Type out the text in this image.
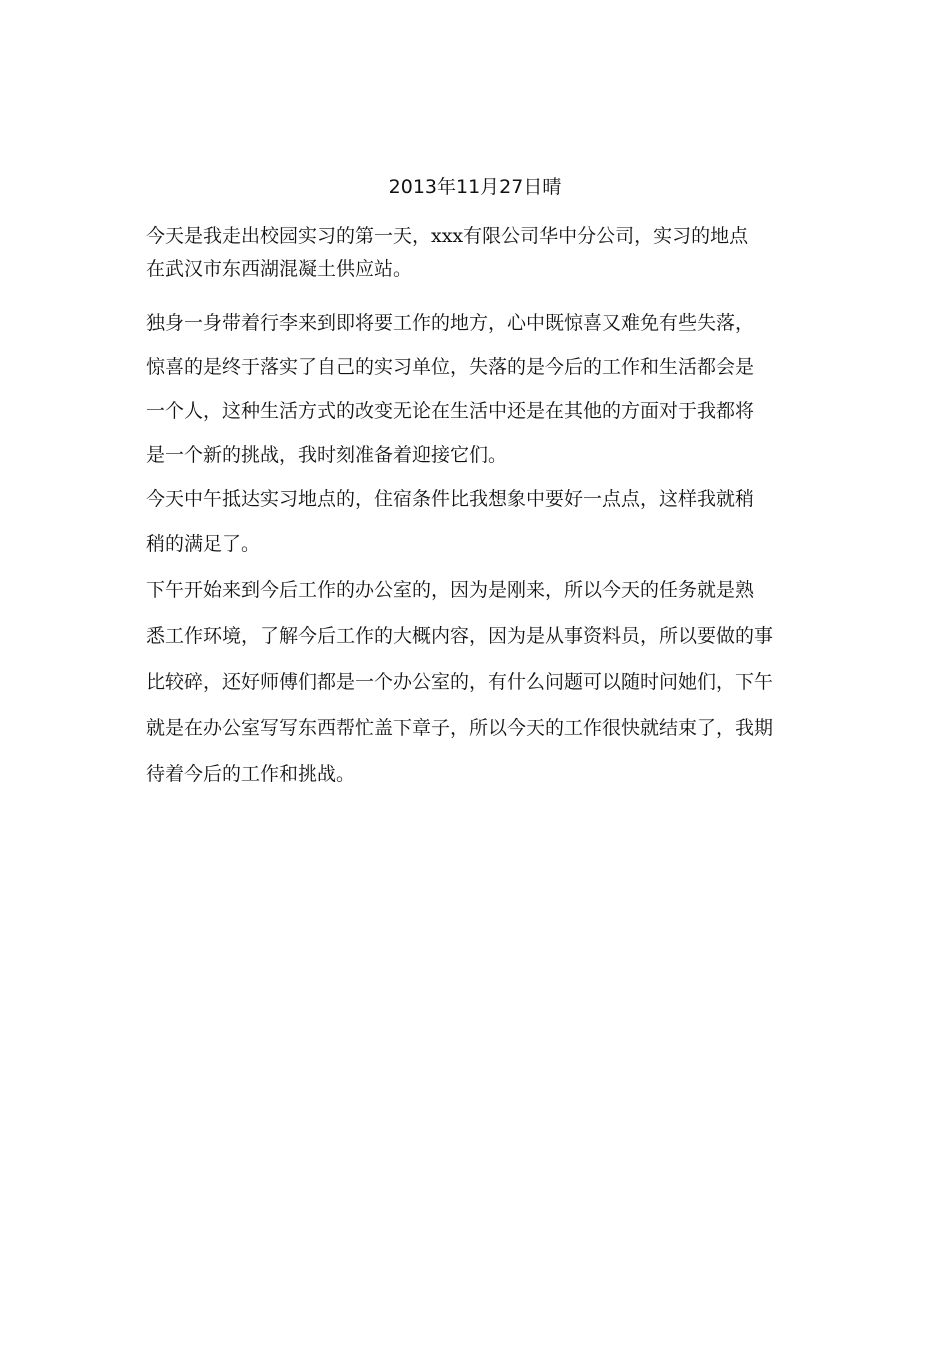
2013年11月27日晴
今天是我走出校园实习的第一天，xxx有限公司华中分公司，实习的地点
在武汉市东西湖混凝土供应站。
独身一身带着行李来到即将要工作的地方，心中既惊喜又难免有些失落，
惊喜的是终于落实了自己的实习单位，失落的是今后的工作和生活都会是
一个人，这种生活方式的改变无论在生活中还是在其他的方面对于我都将
是一个新的挑战，我时刻准备着迎接它们。
今天中午抵达实习地点的，住宿条件比我想象中要好一点点，这样我就稍
稍的满足了。
下午开始来到今后工作的办公室的，因为是刚来，所以今天的任务就是熟
悉工作环境，了解今后工作的大概内容，因为是从事资料员，所以要做的事
比较碎，还好师傅们都是一个办公室的，有什么问题可以随时问她们，下午
就是在办公室写写东西帮忙盖下章子，所以今天的工作很快就结束了，我期
待着今后的工作和挑战。
